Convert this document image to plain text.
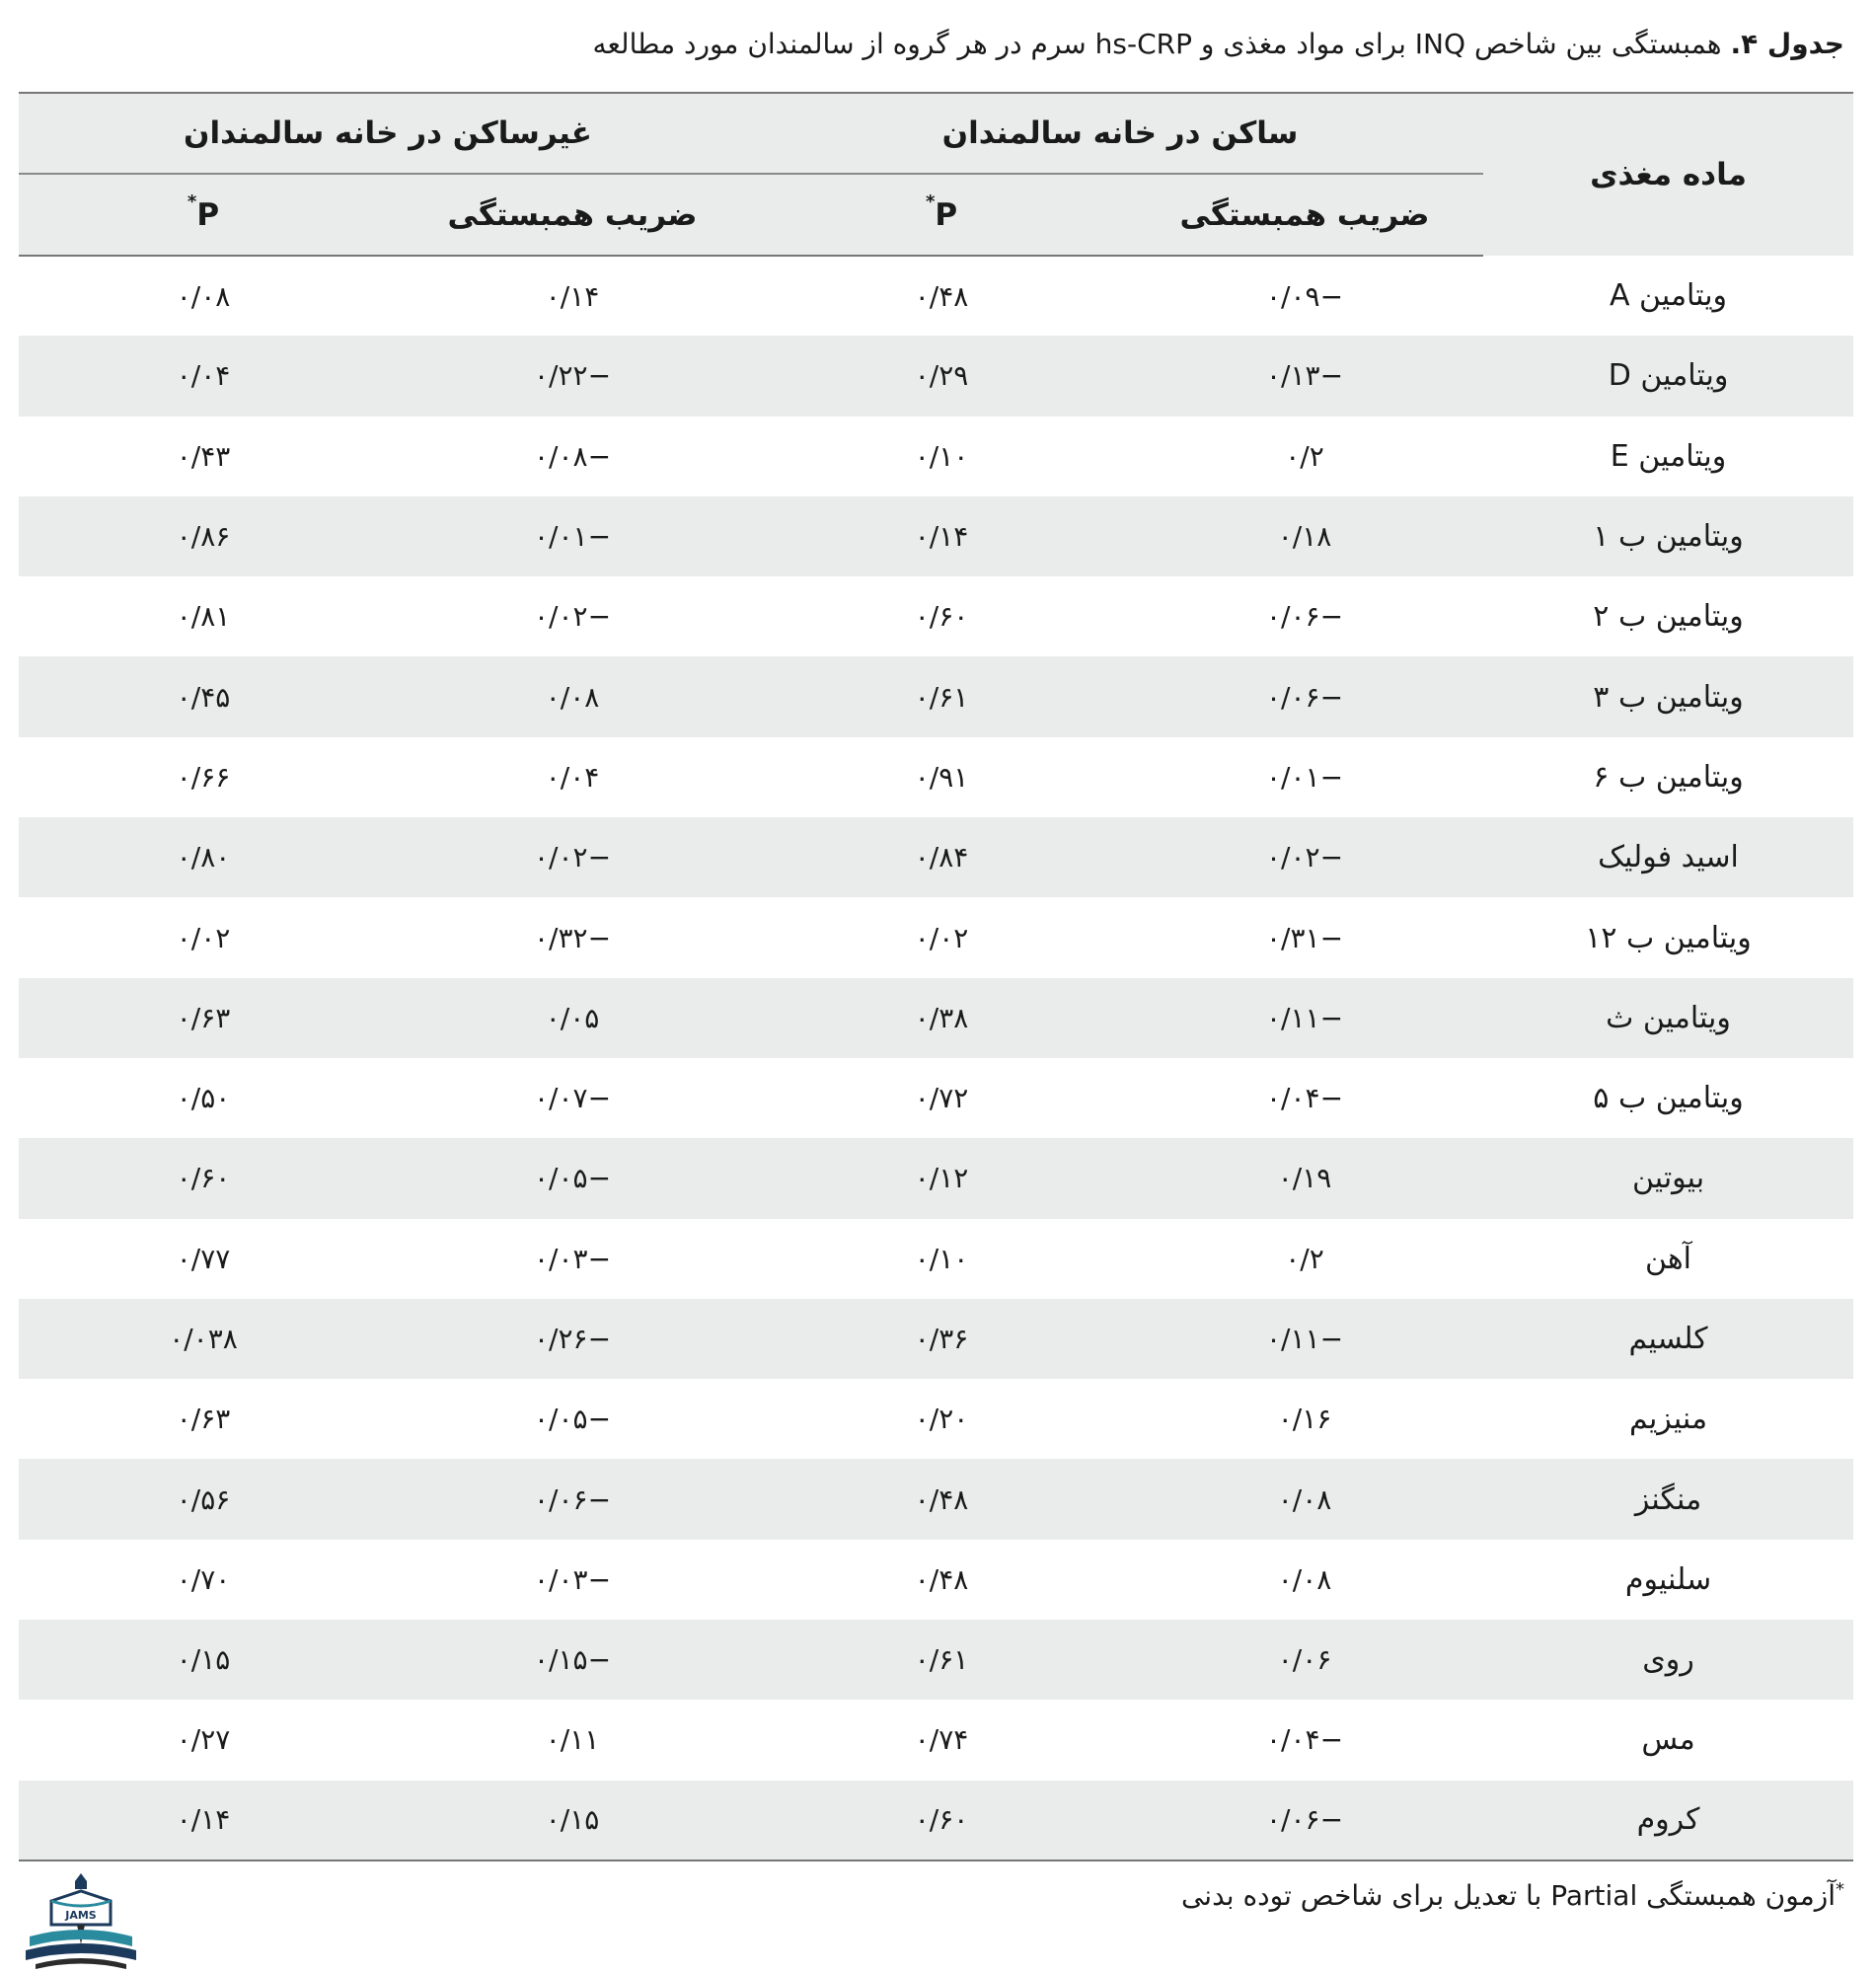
جدول ۴. همبستگی بین شاخص INQ برای مواد مغذی و hs-CRP سرم در هر گروه از سالمندان مورد مطالعه
ماده مغذی	ساکن در خانه سالمندان		غیرساکن در خانه سالمندان	
	ضریب همبستگی	P*	ضریب همبستگی	P*
ویتامین A	−۰/۰۹	۰/۴۸	۰/۱۴	۰/۰۸
ویتامین D	−۰/۱۳	۰/۲۹	−۰/۲۲	۰/۰۴
ویتامین E	۰/۲	۰/۱۰	−۰/۰۸	۰/۴۳
ویتامین ب ۱	۰/۱۸	۰/۱۴	−۰/۰۱	۰/۸۶
ویتامین ب ۲	−۰/۰۶	۰/۶۰	−۰/۰۲	۰/۸۱
ویتامین ب ۳	−۰/۰۶	۰/۶۱	۰/۰۸	۰/۴۵
ویتامین ب ۶	−۰/۰۱	۰/۹۱	۰/۰۴	۰/۶۶
اسید فولیک	−۰/۰۲	۰/۸۴	−۰/۰۲	۰/۸۰
ویتامین ب ۱۲	−۰/۳۱	۰/۰۲	−۰/۳۲	۰/۰۲
ویتامین ث	−۰/۱۱	۰/۳۸	۰/۰۵	۰/۶۳
ویتامین ب ۵	−۰/۰۴	۰/۷۲	−۰/۰۷	۰/۵۰
بیوتین	۰/۱۹	۰/۱۲	−۰/۰۵	۰/۶۰
آهن	۰/۲	۰/۱۰	−۰/۰۳	۰/۷۷
کلسیم	−۰/۱۱	۰/۳۶	−۰/۲۶	۰/۰۳۸
منیزیم	۰/۱۶	۰/۲۰	−۰/۰۵	۰/۶۳
منگنز	۰/۰۸	۰/۴۸	−۰/۰۶	۰/۵۶
سلنیوم	۰/۰۸	۰/۴۸	−۰/۰۳	۰/۷۰
روی	۰/۰۶	۰/۶۱	−۰/۱۵	۰/۱۵
مس	−۰/۰۴	۰/۷۴	۰/۱۱	۰/۲۷
کروم	−۰/۰۶	۰/۶۰	۰/۱۵	۰/۱۴
*آزمون همبستگی Partial با تعدیل برای شاخص توده بدنی
JAMS
